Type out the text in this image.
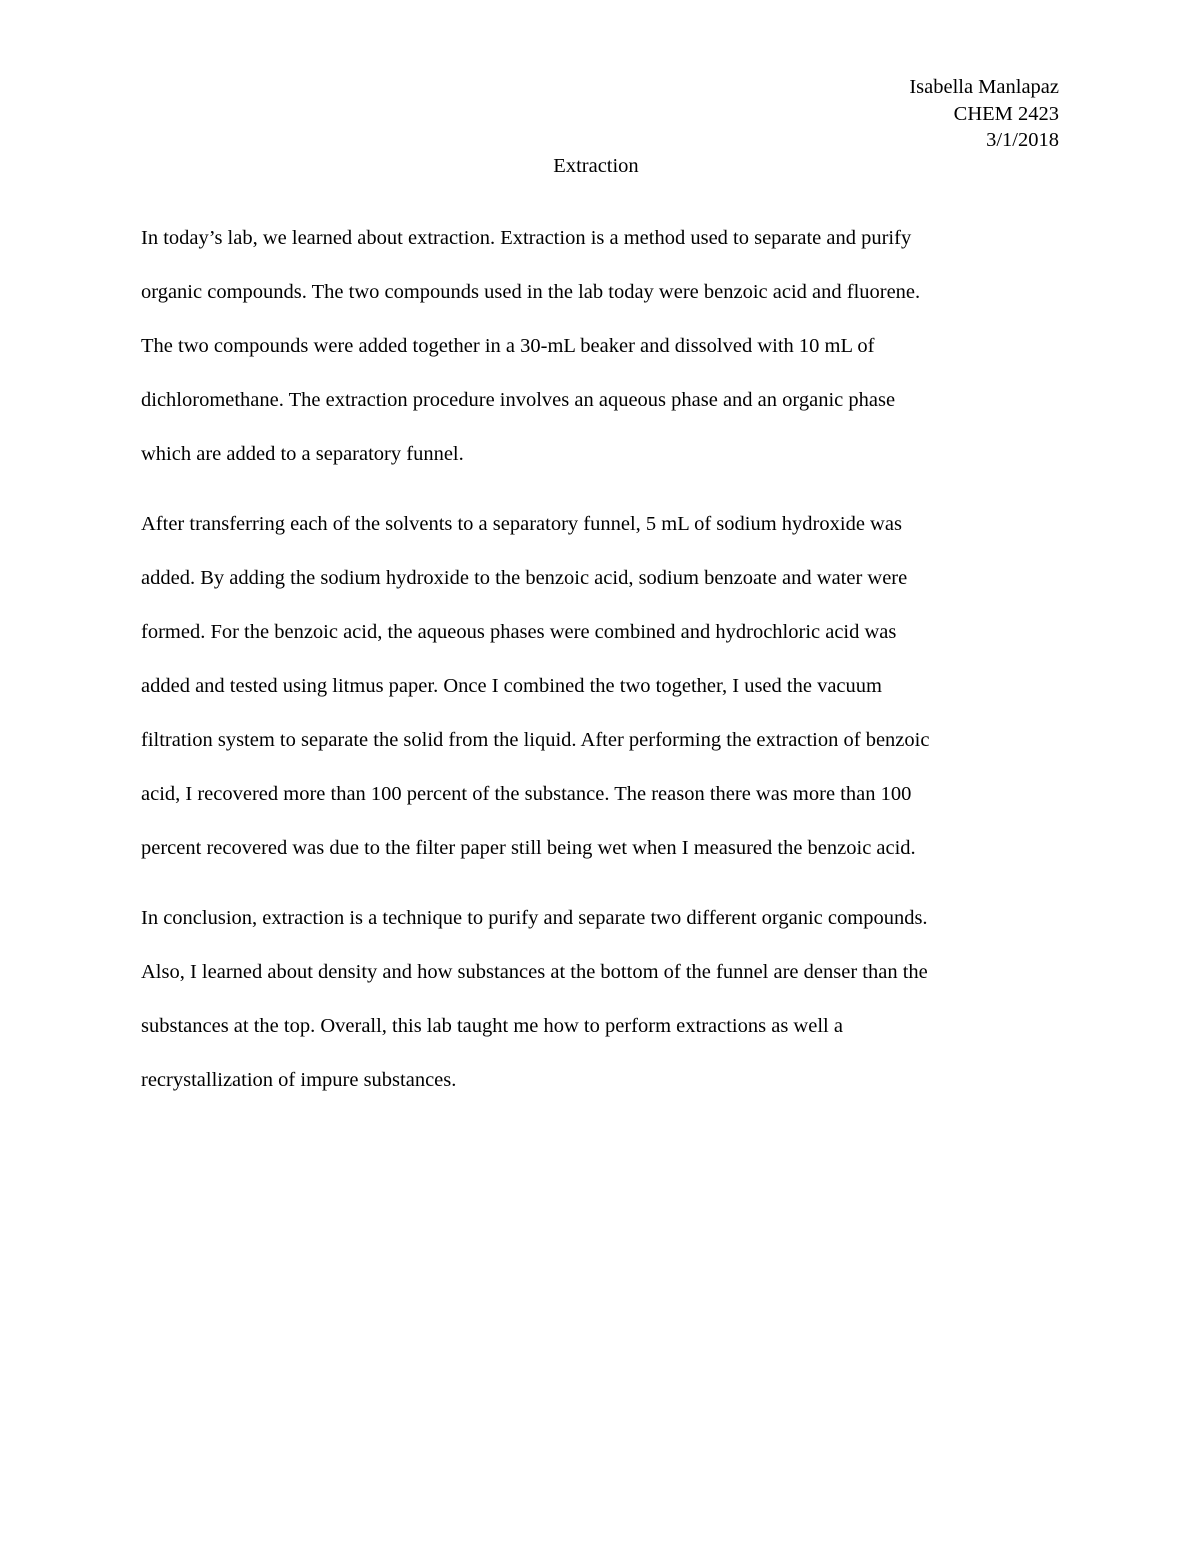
Isabella Manlapaz
CHEM 2423
3/1/2018
Extraction
In today’s lab, we learned about extraction. Extraction is a method used to separate and purify
organic compounds. The two compounds used in the lab today were benzoic acid and fluorene.
The two compounds were added together in a 30-mL beaker and dissolved with 10 mL of
dichloromethane. The extraction procedure involves an aqueous phase and an organic phase
which are added to a separatory funnel.
After transferring each of the solvents to a separatory funnel, 5 mL of sodium hydroxide was
added. By adding the sodium hydroxide to the benzoic acid, sodium benzoate and water were
formed. For the benzoic acid, the aqueous phases were combined and hydrochloric acid was
added and tested using litmus paper. Once I combined the two together, I used the vacuum
filtration system to separate the solid from the liquid. After performing the extraction of benzoic
acid, I recovered more than 100 percent of the substance. The reason there was more than 100
percent recovered was due to the filter paper still being wet when I measured the benzoic acid.
In conclusion, extraction is a technique to purify and separate two different organic compounds.
Also, I learned about density and how substances at the bottom of the funnel are denser than the
substances at the top. Overall, this lab taught me how to perform extractions as well a
recrystallization of impure substances.
